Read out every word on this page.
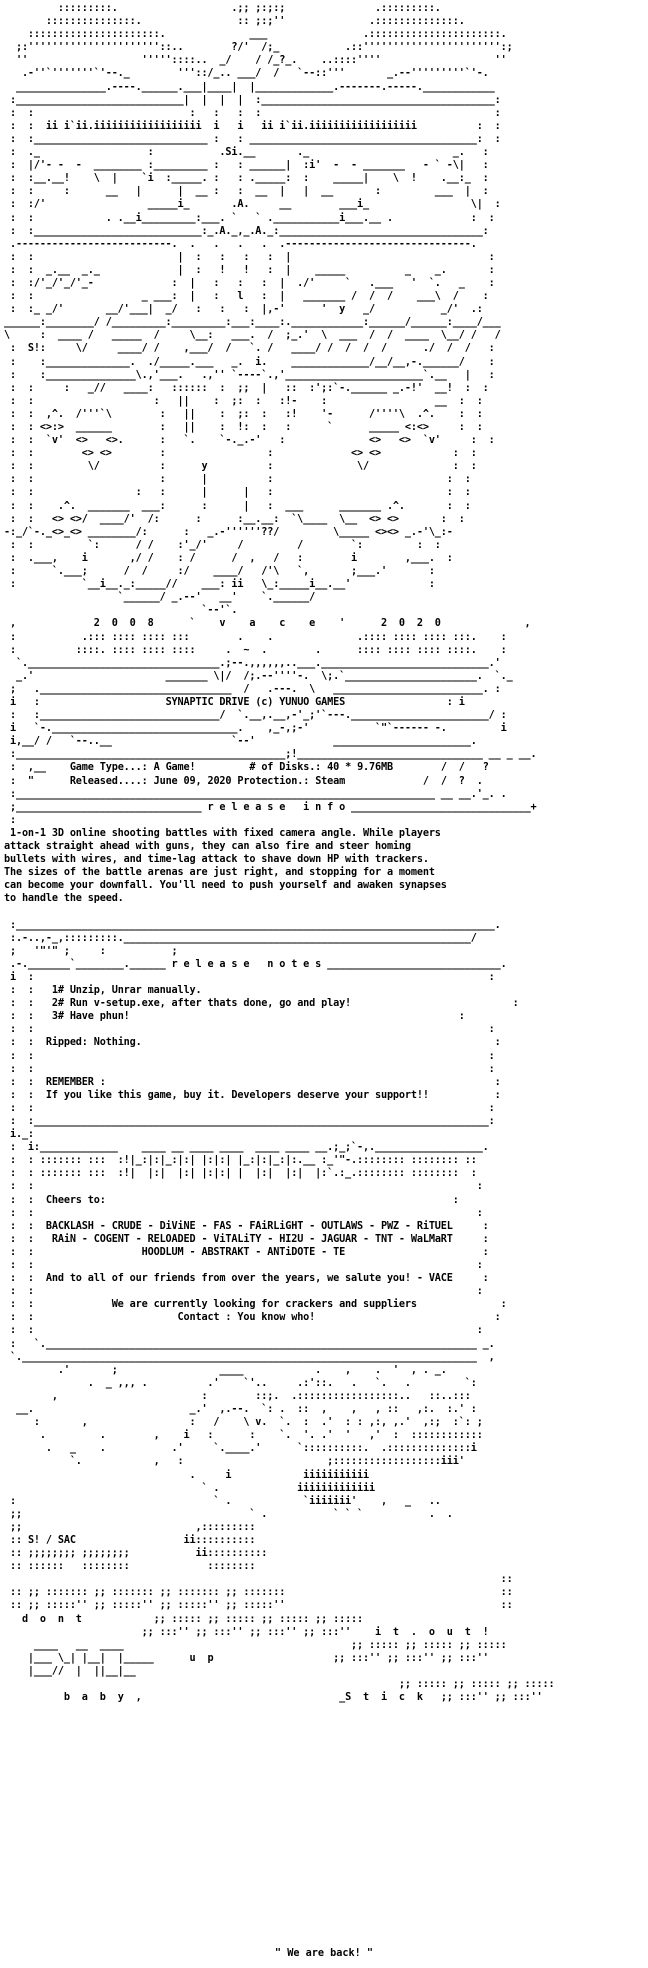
:::::::::.                   .;; ;:;:;               .:::::::::.
:::::::::::::::.                :: ;:;''              .::::::::::::::.
::::::::::::::::::::::.              ___                .::::::::::::::::::::::.
;:''''''''''''''''''''''::..        ?/'  /;_           .::''''''''''''''''''''''':;
''                   '''''::::..  _/    / /_?_.    ..::::''''                   ''
.-''`'''''''`'--._        '''::/_.. ___/  /   `--::'''       _.--'''''''''`'-.
_______________.----.______.___|____|  |_____________.-------.-----.____________
:____________________________|  |  |  |  :_______________________________________:
:  :                          :   :   :  :                                       :
:  :  ii i`ii.iiiiiiiiiiiiiiiiii  i   i   ii i`ii.iiiiiiiiiiiiiiiiii          :  :
:  :_____________________________ :   : ______________________________________:  :
:  ._                  :           .Si.__       ._                        _.   :
:  |/'- -  -  ________ :_________ :   : ______|  :i'  -  - _______   - ` -\|   :
:  :__.__!    \  |    `i  :_____. :   : ._____:  :    _____|    \  !    .__:_  :
:  :     :      __   |      |  __ :   :  __  |   |  __       :         ___  |  :
:  :/'                 _____i_       .A.     __        ___i_                 \|  :
:  :            . .__i_________:___. `   ` .___________i___.__ .             :  :
:  :____________________________:_.A._,_.A._:__________________________________:
.--------------------------.  .   .   .   .  .-------------------------------.
:  :                        |  :   :   :   :  |                                 :
:  :  _.__  _._             |  :   !   !   :  |    _____          _    _.       :
:  :/'_/'_/'_-             :  |   :   :   :  |  ./'     `   .___   '  `.   _    :
:  :                  _ ___:  |   :   l   :  |   _______ /  /  /    ___\  /    :
:  :_ _/'       __/'___|  _/   :   :   :  |,-'      '  y   _/           _/'  .:
______:________/ /_________:_________:___:____:.____________:______/______:____/___
\     :  ____ /   _____  /     \__:   ___.  /  ;_.'  \  ___  /  /  ____  \__/ /   /
:  S!:     \/     ____/ /    ,___/  /   `. /   ____/ /  /  /  /      ./  /  /   :
:    :______________.  ./_____.___   _.  i.    _____________/__/__,-.______/    :
:    :_______________\.,'___.   .,'' `----`.,'_______________________`.__   |   :
:  :     :   _//   ____:   ::::::  :  ;;  |   ::  :';:`-.______ _.-!'  __!  :  :
:  :                    :   ||    :  ;:  :   :!-    :                  __  :  :
:  :  ,^.  /'''`\        :   ||    :  ;:  :   :!    '-      /''''\  .^.    :  :
:  : <>:>  ______        :   ||    :  !:  :   :      `      _____ <:<>     :  :
:  :  `v'  <>   <>.      :   `.    `-._.-'   :              <>   <>  `v'     :  :
:  :        <> <>        :                 :             <> <>            :  :
:  :         \/          :      y          :              \/              :  :
:  :                     :      |          :                             :  :
:  :                 :   :      |      |   :                             :  :
:  :    .^.  _______  ___:      :      |   :  ___      _______ .^.       :  :
:  :   <> <>/  ____/'  /:      :      :__.__:  `\____  \__  <> <>       :  :
-:_/`-._<>_<> ________/:      :   _.-''''''??/         \_____ <><> _.-'\_:-
:  :         `:      / /    :'_/'     /         /        `:         :  :
:  .___,    i       ,/ /    : /      /  ,   /   :        i        ,___.  :
:      `.___;      /  /     :/    ____/   /'\   `,       ;___.'       :
:           `__i__._:_____//    ___: ii   \_:_____i__.__'             :
`______/ _.--'   __'    `.______/
`--'`.
,             2  0  0  8      `    v    a    c    e    '      2  0  2  0              ,
:           .::: :::: :::: :::        .    .              .:::: :::: :::: :::.    :
:          ::::. :::: :::: ::::     .  ~  .        .      :::: :::: :::: ::::.    :
`.________________________________.;--.,,,,,,..___.____________________________.'
_.'                      _______ \|/  /;.--''''-.  \;.`______________________.  `._
;   .________________________________  /   .---.  \   _________________________. :
i   :	SYNAPTIC DRIVE (c) YUNUO GAMES	: i
:   :______________________________/  `.__,.__,-'_;'`---._______________________/ :
i   `-._______________________________.    ,_-,;-'           `"`------ -.         i
i,__/ /   `--..__                    `--'             _______________________.
:_____________________________________________;!_______________________________ __ _ __.
:  ,__    Game Type...: A Game!	# of Disks.: 40 * 9.76MB	/  /   ?
:  "	Released....: June 09, 2020 Protection.: Steam	/  /  ?  .
:______________________________________________________________________ __ __.'_. .
;_______________________________ r e l e a s e   i n f o ______________________________+
:
1-on-1 3D online shooting battles with fixed camera angle. While players
attack straight ahead with guns, they can also fire and steer homing
bullets with wires, and time-lag attack to shave down HP with trackers.
The sizes of the battle arenas are just right, and stopping for a moment
can become your downfall. You'll need to push yourself and awaken synapses
to handle the speed.

:________________________________________________________________________________.
:.-..,-_,:::::::::.__________________________________________________________/
;   '"'" ;     :           ;
.-._______`________.______ r e l e a s e   n o t e s _____________________________.
i  :                                                                            :
:  :   1# Unzip, Unrar manually.
:  :   2# Run v-setup.exe, after thats done, go and play!	:
:  :   3# Have phun!	:
:  :                                                                            :
:  :  Ripped: Nothing.	:
:  :                                                                            :
:  :                                                                            :
:  :  REMEMBER :	:
:  :  If you like this game, buy it. Developers deserve your support!!	:
:  :                                                                            :
:  :____________________________________________________________________________:
i._:
:  i:_____________    ____ __ ____ ____  ____ ____ __.;_;`-,.__________________.
:  : ::::::: :::  :!|_:|:|_:|:| |:|:| |_:|:|_:|:.__ :_'"-.:::::::: :::::::: ::
:  : ::::::: :::  :!|  |:|  |:| |:|:| |  |:|  |:|  |:`.:_.:::::::: ::::::::  :
:  :                                                                          :
:  :  Cheers to:	:
:  :                                                                          :
:  :  BACKLASH - CRUDE - DiViNE - FAS - FAiRLiGHT - OUTLAWS - PWZ - RiTUEL	:
:  :   RAiN - COGENT - RELOADED - ViTALiTY - HI2U - JAGUAR - TNT - WaLMaRT	:
:  :	HOODLUM - ABSTRAKT - ANTiDOTE - TE	:
:  :                                                                          :
:  :  And to all of our friends from over the years, we salute you! - VACE	:
:  :                                                                          :
:  :	We are currently looking for crackers and suppliers	:
:  :	Contact : You know who!	:
:  :                                                                          :
:   `.________________________________________________________________________ _.
`.____________________________________________________________________________  ,
.'       ;                 ____            .    ,    .  '  , . _.
.  _ ,,, .          .'    `'..     .:'::.   .   `.   .         `:
,                        :        ::;.  .:::::::::::::::::..   ::..:::
__.                          _.'  ,.--.  `: .  ::  ,    ,   , ::   ,:.  :.' :
:       ,                 :   /    \ v.  `.  :  .'  : : ,:, ,.'  ,:;  :`: ;
.         .        ,    i   :      :    `.  '. .'  '   ,'  :  ::::::::::::
.   _    .           .'     `.____.'      `::::::::::.  .::::::::::::::i
`.            ,   :                        ;::::::::::::::::::iii'
.     i            iiiiiiiiiii
` .             iiiiiiiiiiiii
:                                 ` .            `iiiiiii'    ,   _   ..
;;                                      ` .           ` ` `           .  .
;;                             ,:::::::::
:: S! / SAC	ii::::::::::
:: ;;;;;;;; ;;;;;;;;           ii::::::::::
:: ::::::   ::::::::             ::::::::
::
:: ;; ::::::: ;; ::::::: ;; ::::::: ;; :::::::                                    ::
:: ;; :::::'' ;; :::::'' ;; :::::'' ;; :::::''                                    ::
d  o  n  t	;; ::::: ;; ::::: ;; ::::: ;; :::::
;; :::'' ;; :::'' ;; :::'' ;; :::''    i  t  .  o  u  t  !
____   __  ____                                      ;; ::::: ;; ::::: ;; :::::
|___ \_| |__|  |_____	u  p	;; :::'' ;; :::'' ;; :::''
|___//  |  ||__|__
;; ::::: ;; ::::: ;; :::::
b  a  b  y  ,	_S  t  i  c  k   ;; :::'' ;; :::''

" We are back! "
